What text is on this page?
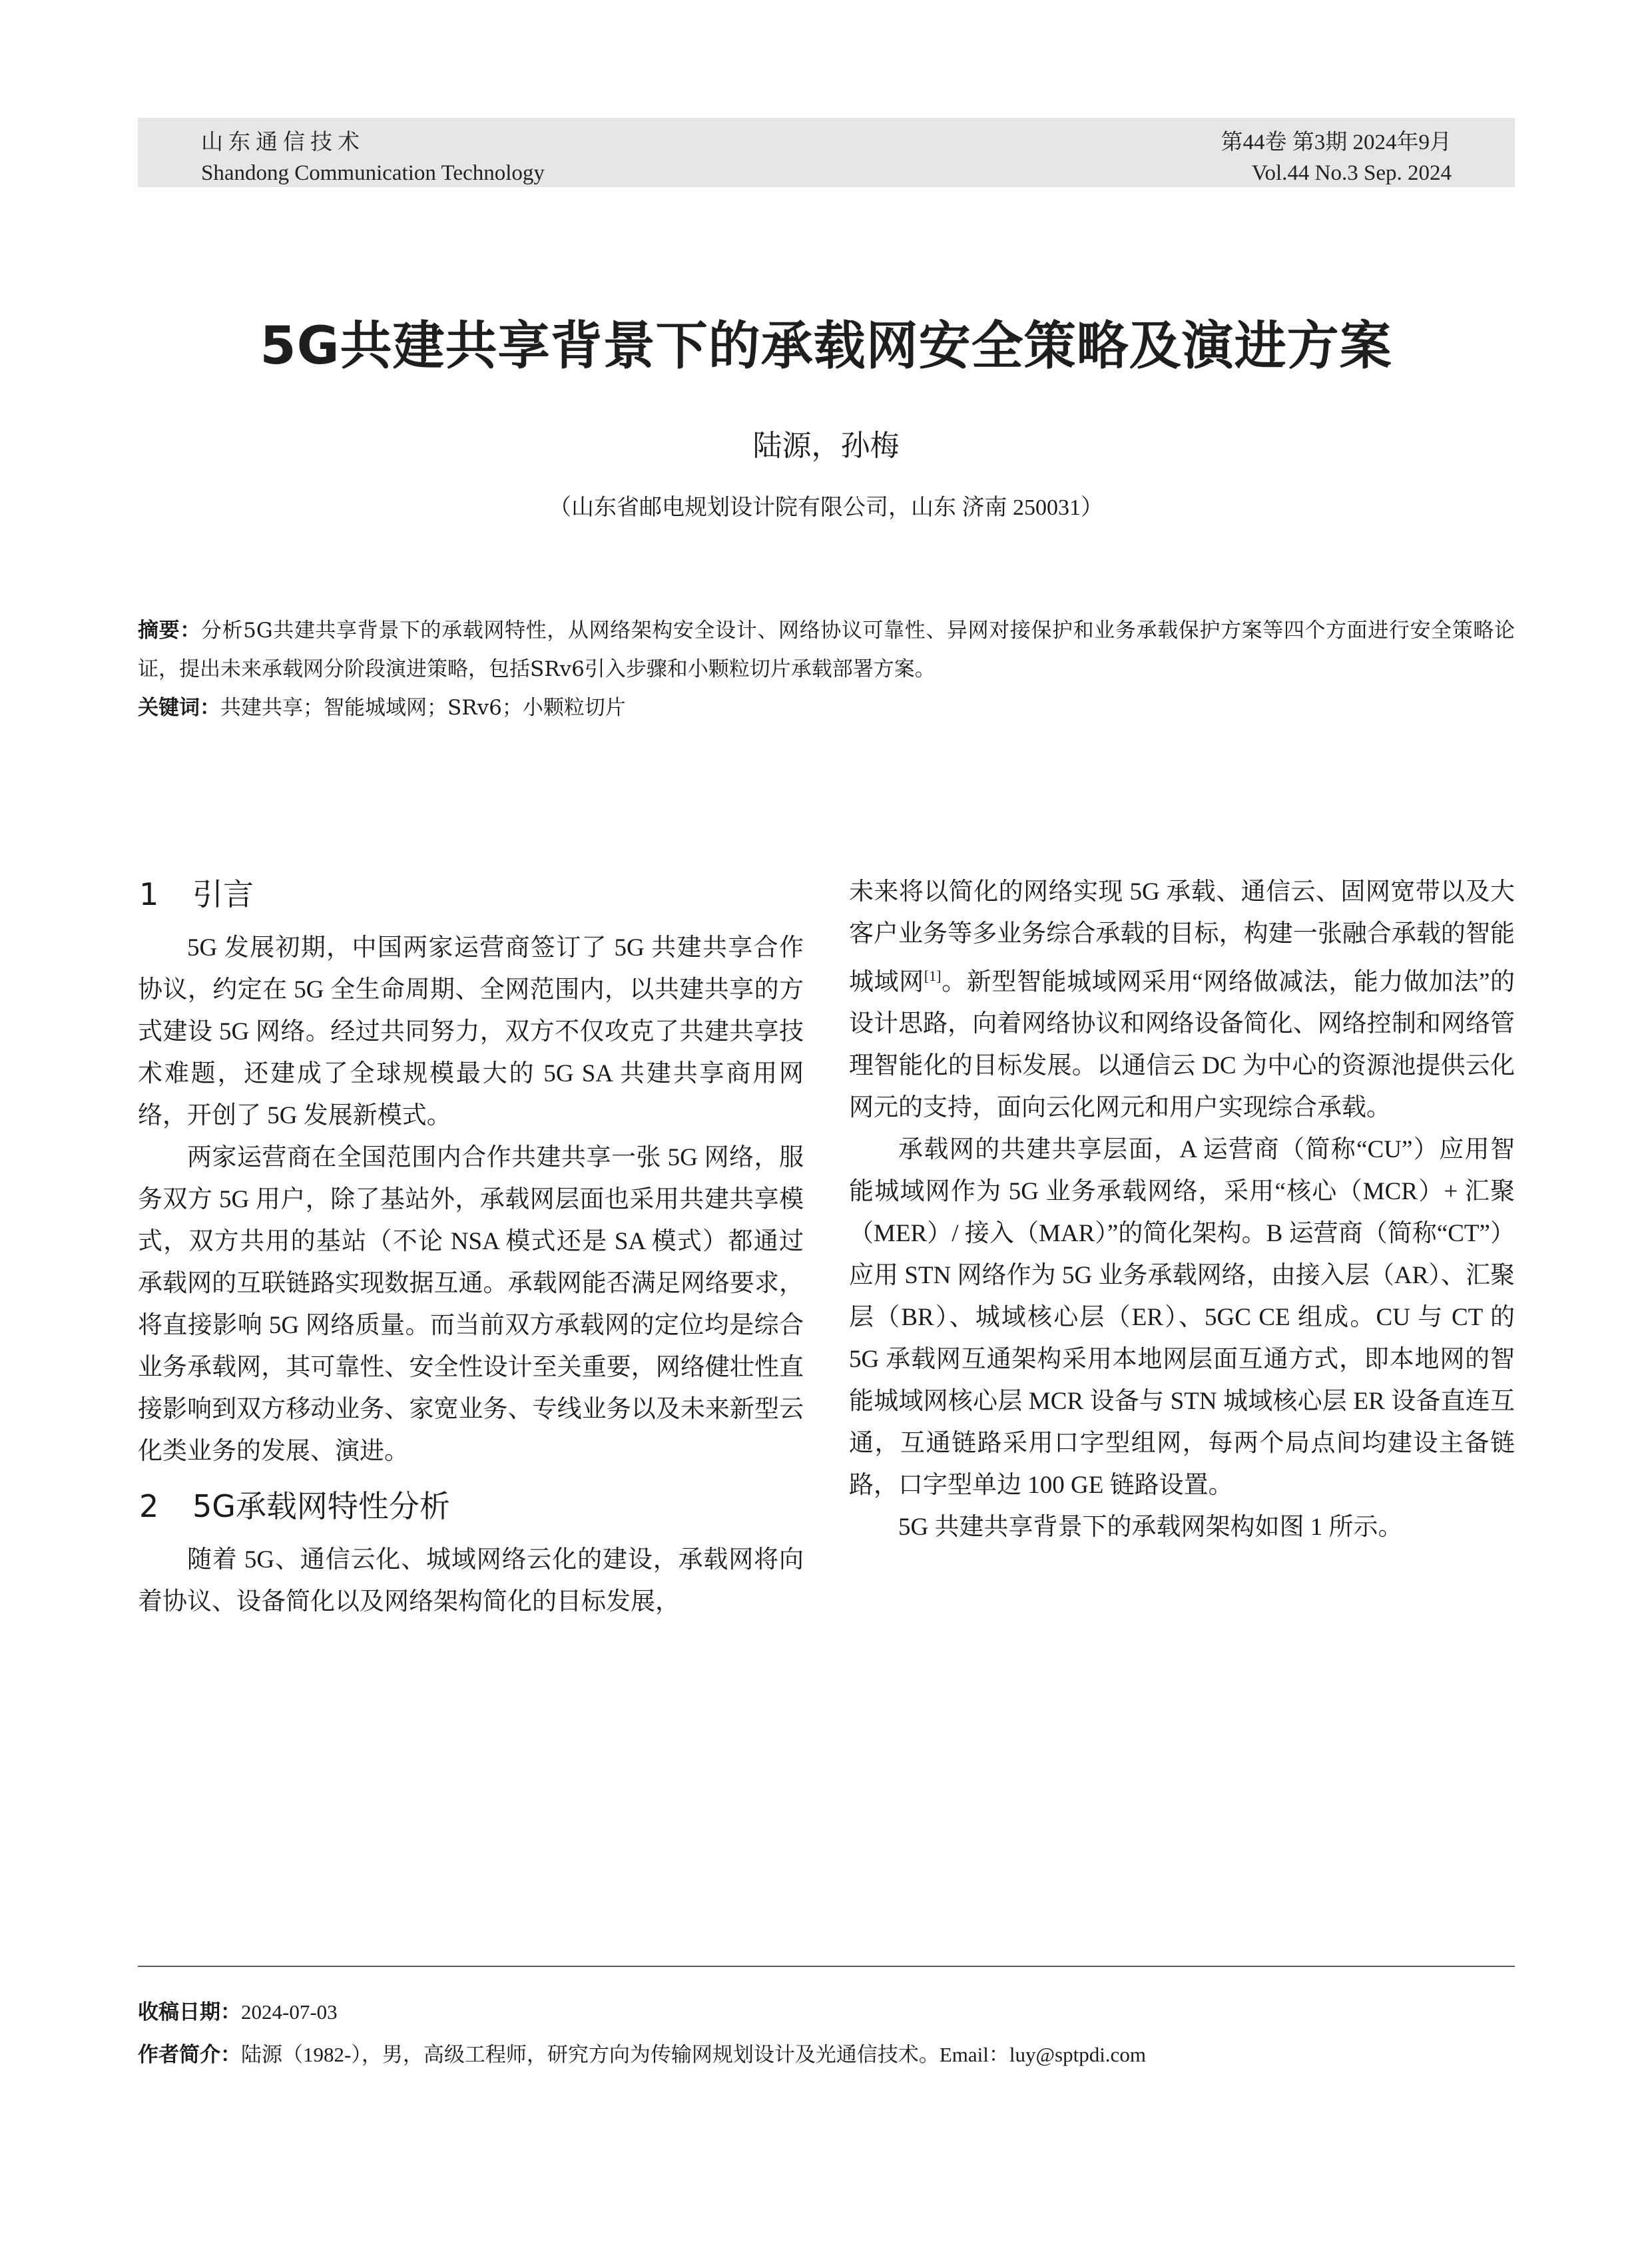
山东通信技术
Shandong Communication Technology
第44卷 第3期 2024年9月
Vol.44 No.3 Sep. 2024
5G共建共享背景下的承载网安全策略及演进方案
陆源，孙梅
（山东省邮电规划设计院有限公司，山东 济南 250031）

摘要：分析5G共建共享背景下的承载网特性，从网络架构安全设计、网络协议可靠性、异网对接保护和业务承载保护方案等四个方面进行安全策略论证，提出未来承载网分阶段演进策略，包括SRv6引入步骤和小颗粒切片承载部署方案。

关键词：共建共享；智能城域网；SRv6；小颗粒切片

1 引言

5G 发展初期，中国两家运营商签订了 5G 共建共享合作协议，约定在 5G 全生命周期、全网范围内，以共建共享的方式建设 5G 网络。经过共同努力，双方不仅攻克了共建共享技术难题，还建成了全球规模最大的 5G SA 共建共享商用网络，开创了 5G 发展新模式。

两家运营商在全国范围内合作共建共享一张 5G 网络，服务双方 5G 用户，除了基站外，承载网层面也采用共建共享模式，双方共用的基站（不论 NSA 模式还是 SA 模式）都通过承载网的互联链路实现数据互通。承载网能否满足网络要求，将直接影响 5G 网络质量。而当前双方承载网的定位均是综合业务承载网，其可靠性、安全性设计至关重要，网络健壮性直接影响到双方移动业务、家宽业务、专线业务以及未来新型云化类业务的发展、演进。

2 5G承载网特性分析

随着 5G、通信云化、城域网络云化的建设，承载网将向着协议、设备简化以及网络架构简化的目标发展，

未来将以简化的网络实现 5G 承载、通信云、固网宽带以及大客户业务等多业务综合承载的目标，构建一张融合承载的智能城域网[1]。新型智能城域网采用“网络做减法，能力做加法”的设计思路，向着网络协议和网络设备简化、网络控制和网络管理智能化的目标发展。以通信云 DC 为中心的资源池提供云化网元的支持，面向云化网元和用户实现综合承载。

承载网的共建共享层面，A 运营商（简称“CU”）应用智能城域网作为 5G 业务承载网络，采用“核心（MCR）+ 汇聚（MER）/ 接入（MAR）”的简化架构。B 运营商（简称“CT”）应用 STN 网络作为 5G 业务承载网络，由接入层（AR）、汇聚层（BR）、城域核心层（ER）、5GC CE 组成。CU 与 CT 的 5G 承载网互通架构采用本地网层面互通方式，即本地网的智能城域网核心层 MCR 设备与 STN 城域核心层 ER 设备直连互通，互通链路采用口字型组网，每两个局点间均建设主备链路，口字型单边 100 GE 链路设置。

5G 共建共享背景下的承载网架构如图 1 所示。

收稿日期：2024-07-03

作者简介：陆源（1982-），男，高级工程师，研究方向为传输网规划设计及光通信技术。Email：luy@sptpdi.com
